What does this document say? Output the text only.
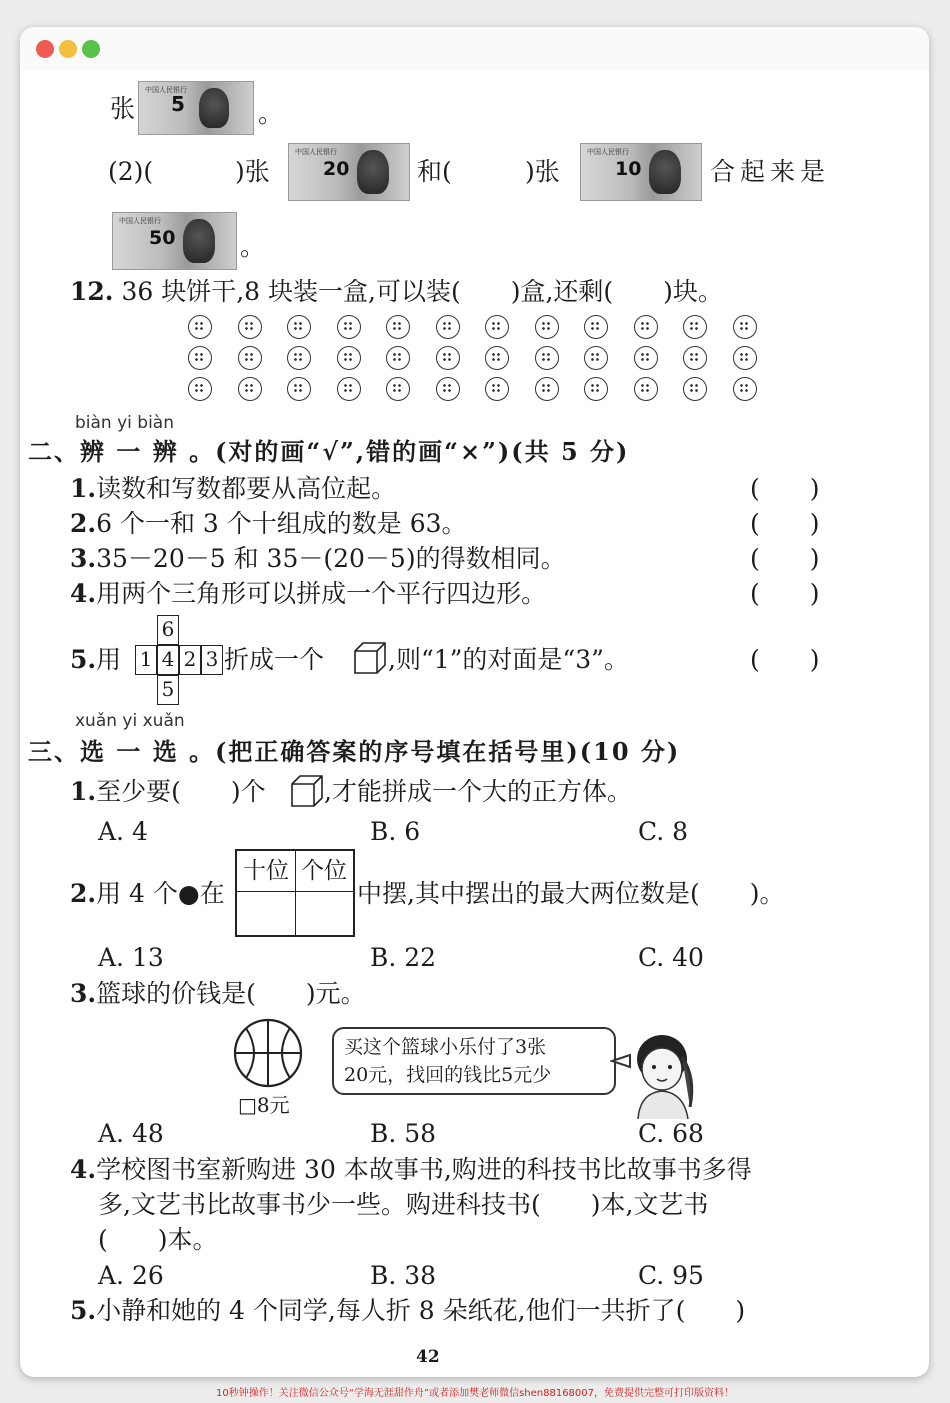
张
中国人民银行
5	。
(2)(	)张
中国人民银行
20	和(	)张
中国人民银行
10	合起来是
中国人民银行
50	。
12. 36 块饼干,8 块装一盒,可以装(　　)盒,还剩(　　)块。
biàn yi biàn
二、辨 一 辨 。(对的画“√”,错的画“×”)(共 5 分)
1.读数和写数都要从高位起。	(　　)
2.6 个一和 3 个十组成的数是 63。	(　　)
3.35－20－5 和 35－(20－5)的得数相同。	(　　)
4.用两个三角形可以拼成一个平行四边形。	(　　)
5.用
6
1 4 2 3
5
折成一个	,则“1”的对面是“3”。	(　　)
xuǎn yi xuǎn
三、选 一 选 。(把正确答案的序号填在括号里)(10 分)
1.至少要(　　)个 ,才能拼成一个大的正方体。
A. 4	B. 6	C. 8
2.用 4 个●在
十位 个位
中摆,其中摆出的最大两位数是(　　)。
A. 13	B. 22	C. 40
3.篮球的价钱是(　　)元。
□8元
买这个篮球小乐付了3张
20元，找回的钱比5元少
A. 48	B. 58	C. 68
4.学校图书室新购进 30 本故事书,购进的科技书比故事书多得
多,文艺书比故事书少一些。购进科技书(　　)本,文艺书
(　　)本。
A. 26	B. 38	C. 95
5.小静和她的 4 个同学,每人折 8 朵纸花,他们一共折了(　　)
42
10秒钟操作！关注微信公众号“学海无涯甜作舟”或者添加樊老师微信shen88168007，免费提供完整可打印版资料！
